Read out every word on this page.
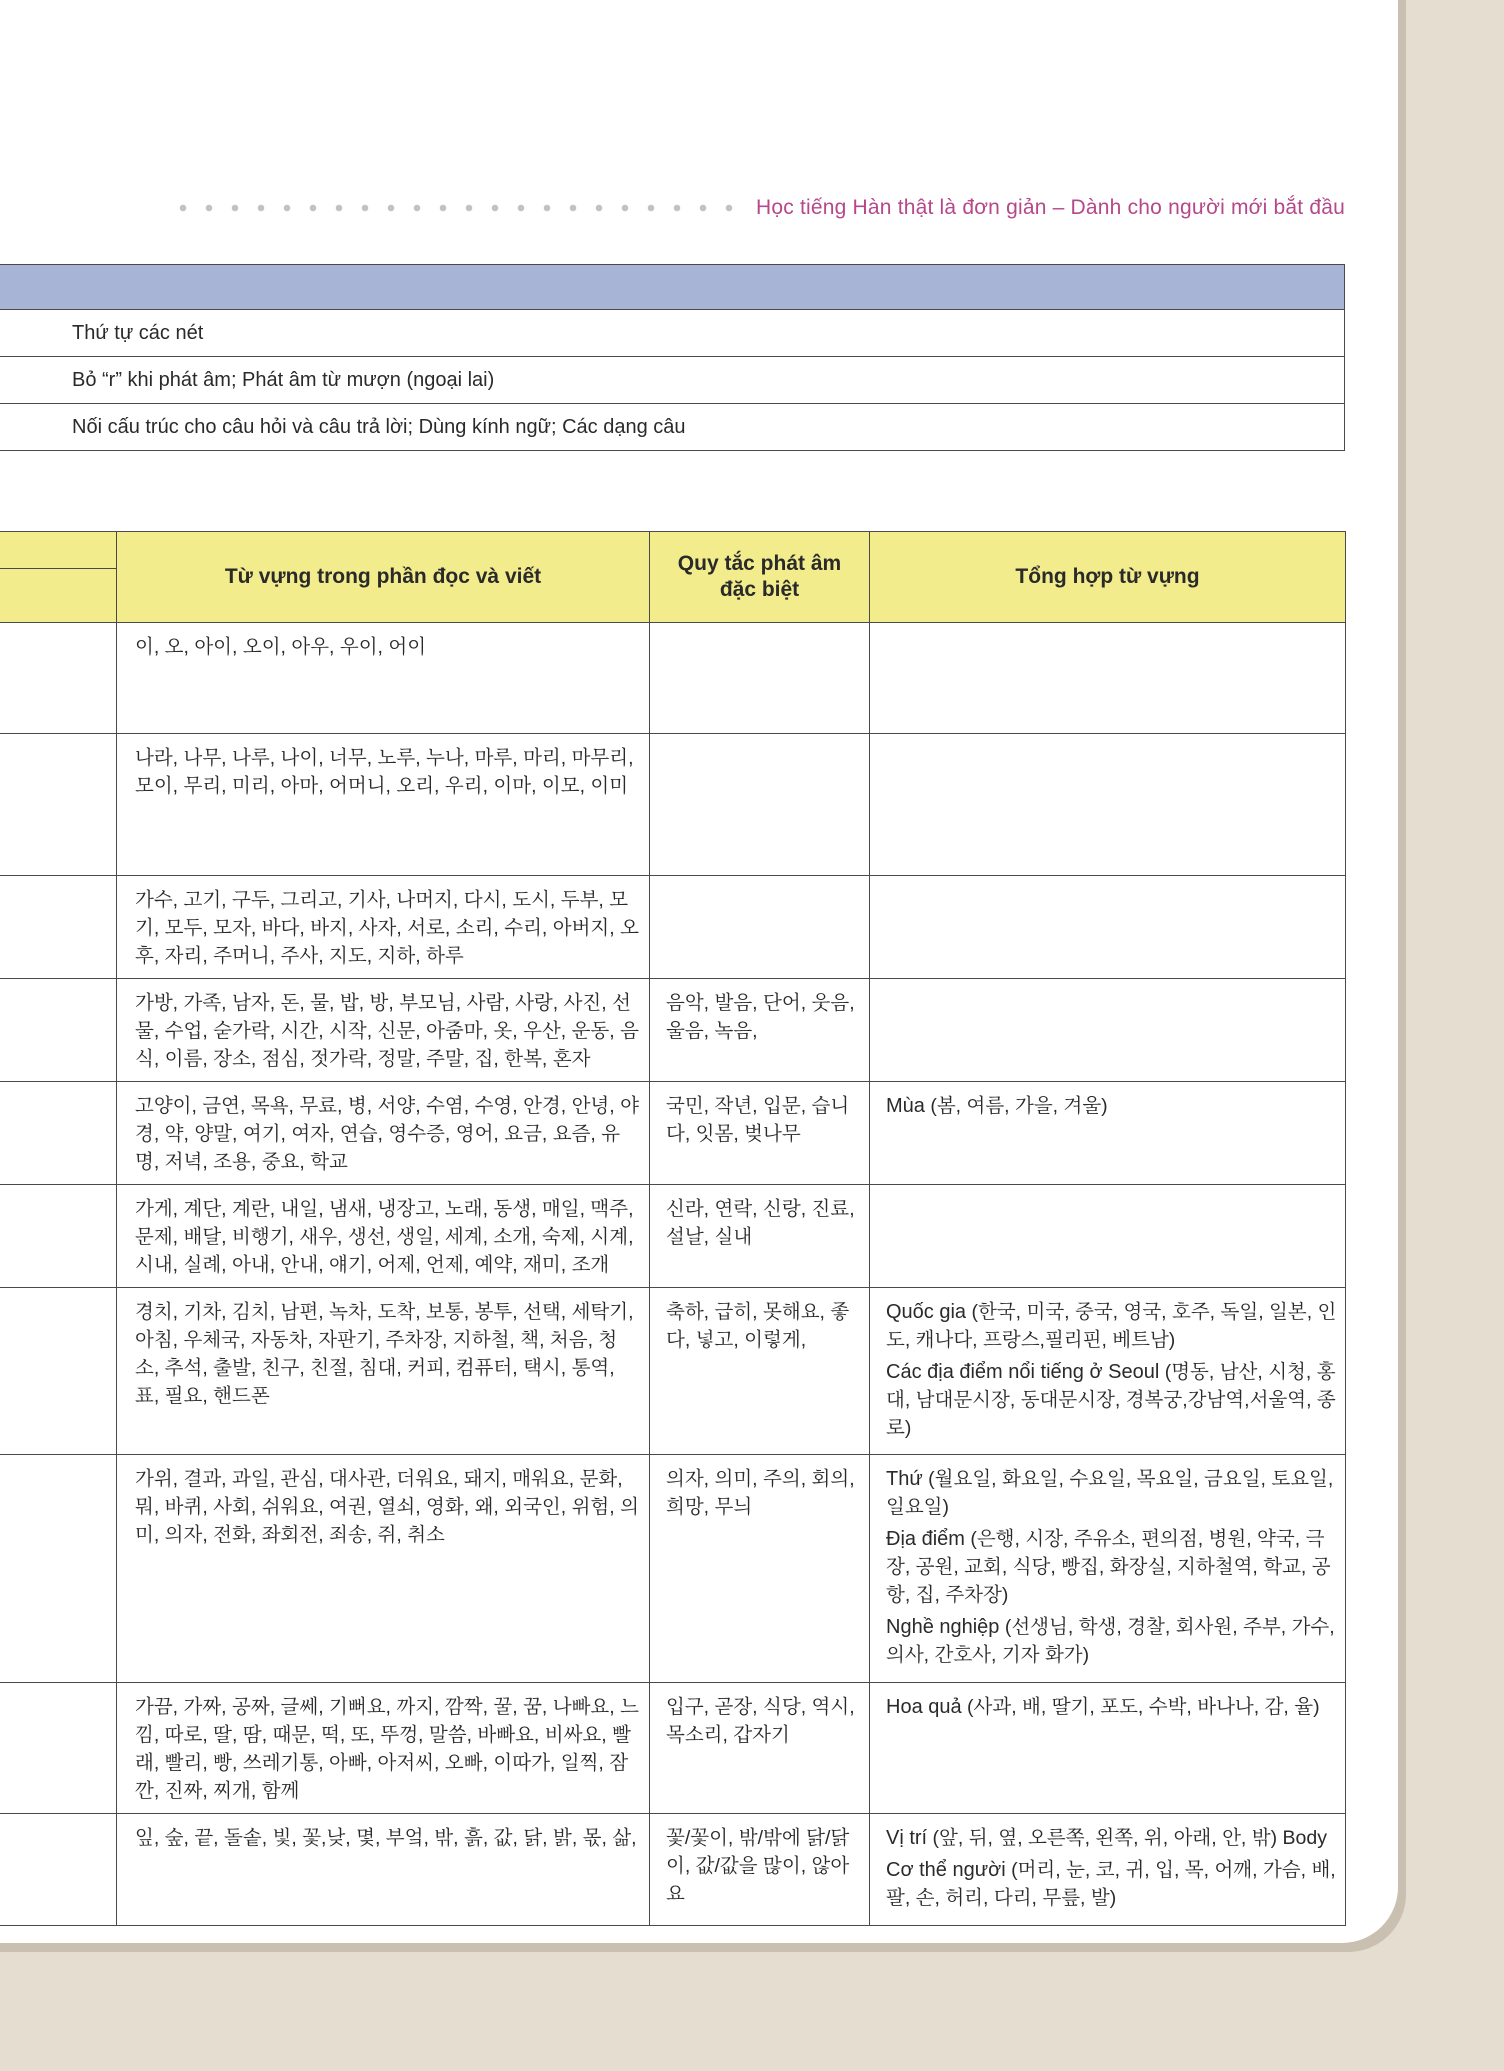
Học tiếng Hàn thật là đơn giản – Dành cho người mới bắt đầu

Thứ tự các nét
Bỏ “r” khi phát âm; Phát âm từ mượn (ngoại lai)
Nối cấu trúc cho câu hỏi và câu trả lời; Dùng kính ngữ; Các dạng câu
	Từ vựng trong phần đọc và viết	Quy tắc phát âm đặc biệt	Tổng hợp từ vựng
	이, 오, 아이, 오이, 아우, 우이, 어이		
	나라, 나무, 나루, 나이, 너무, 노루, 누나, 마루, 마리, 마무리, 모이, 무리, 미리, 아마, 어머니, 오리, 우리, 이마, 이모, 이미		
	가수, 고기, 구두, 그리고, 기사, 나머지, 다시, 도시, 두부, 모기, 모두, 모자, 바다, 바지, 사자, 서로, 소리, 수리, 아버지, 오후, 자리, 주머니, 주사, 지도, 지하, 하루		
	가방, 가족, 남자, 돈, 물, 밥, 방, 부모님, 사람, 사랑, 사진, 선물, 수업, 숟가락, 시간, 시작, 신문, 아줌마, 옷, 우산, 운동, 음식, 이름, 장소, 점심, 젓가락, 정말, 주말, 집, 한복, 혼자	음악, 발음, 단어, 웃음, 울음, 녹음,	
	고양이, 금연, 목욕, 무료, 병, 서양, 수염, 수영, 안경, 안녕, 야경, 약, 양말, 여기, 여자, 연습, 영수증, 영어, 요금, 요즘, 유명, 저녁, 조용, 중요, 학교	국민, 작년, 입문, 습니다, 잇몸, 벚나무	Mùa (봄, 여름, 가을, 겨울)

	가게, 계단, 계란, 내일, 냄새, 냉장고, 노래, 동생, 매일, 맥주, 문제, 배달, 비행기, 새우, 생선, 생일, 세계, 소개, 숙제, 시계, 시내, 실례, 아내, 안내, 얘기, 어제, 언제, 예약, 재미, 조개	신라, 연락, 신랑, 진료, 설날, 실내	
	경치, 기차, 김치, 남편, 녹차, 도착, 보통, 봉투, 선택, 세탁기, 아침, 우체국, 자동차, 자판기, 주차장, 지하철, 책, 처음, 청소, 추석, 출발, 친구, 친절, 침대, 커피, 컴퓨터, 택시, 통역, 표, 필요, 핸드폰	축하, 급히, 못해요, 좋다, 넣고, 이렇게,	Quốc gia (한국, 미국, 중국, 영국, 호주, 독일, 일본, 인도, 캐나다, 프랑스,필리핀, 베트남)
Các địa điểm nổi tiếng ở Seoul (명동, 남산, 시청, 홍대, 남대문시장, 동대문시장, 경복궁,강남역,서울역, 종로)

	가위, 결과, 과일, 관심, 대사관, 더워요, 돼지, 매워요, 문화, 뭐, 바퀴, 사회, 쉬워요, 여권, 열쇠, 영화, 왜, 외국인, 위험, 의미, 의자, 전화, 좌회전, 죄송, 쥐, 취소	의자, 의미, 주의, 회의, 희망, 무늬	Thứ (월요일, 화요일, 수요일, 목요일, 금요일, 토요일, 일요일)
Địa điểm (은행, 시장, 주유소, 편의점, 병원, 약국, 극장, 공원, 교회, 식당, 빵집, 화장실, 지하철역, 학교, 공항, 집, 주차장)
Nghề nghiệp (선생님, 학생, 경찰, 회사원, 주부, 가수, 의사, 간호사, 기자 화가)

	가끔, 가짜, 공짜, 글쎄, 기뻐요, 까지, 깜짝, 꿀, 꿈, 나빠요, 느낌, 따로, 딸, 땀, 때문, 떡, 또, 뚜껑, 말씀, 바빠요, 비싸요, 빨래, 빨리, 빵, 쓰레기통, 아빠, 아저씨, 오빠, 이따가, 일찍, 잠깐, 진짜, 찌개, 함께	입구, 곧장, 식당, 역시, 목소리, 갑자기	Hoa quả (사과, 배, 딸기, 포도, 수박, 바나나, 감, 율)

	잎, 숲, 끝, 돌솥, 빛, 꽃,낮, 몇, 부엌, 밖, 흙, 값, 닭, 밝, 몫, 삶,	꽃/꽃이, 밖/밖에 닭/닭이, 값/값을 많이, 않아요	Vị trí (앞, 뒤, 옆, 오른쪽, 왼쪽, 위, 아래, 안, 밖) Body
Cơ thể người (머리, 눈, 코, 귀, 입, 목, 어깨, 가슴, 배, 팔, 손, 허리, 다리, 무릎, 발)
